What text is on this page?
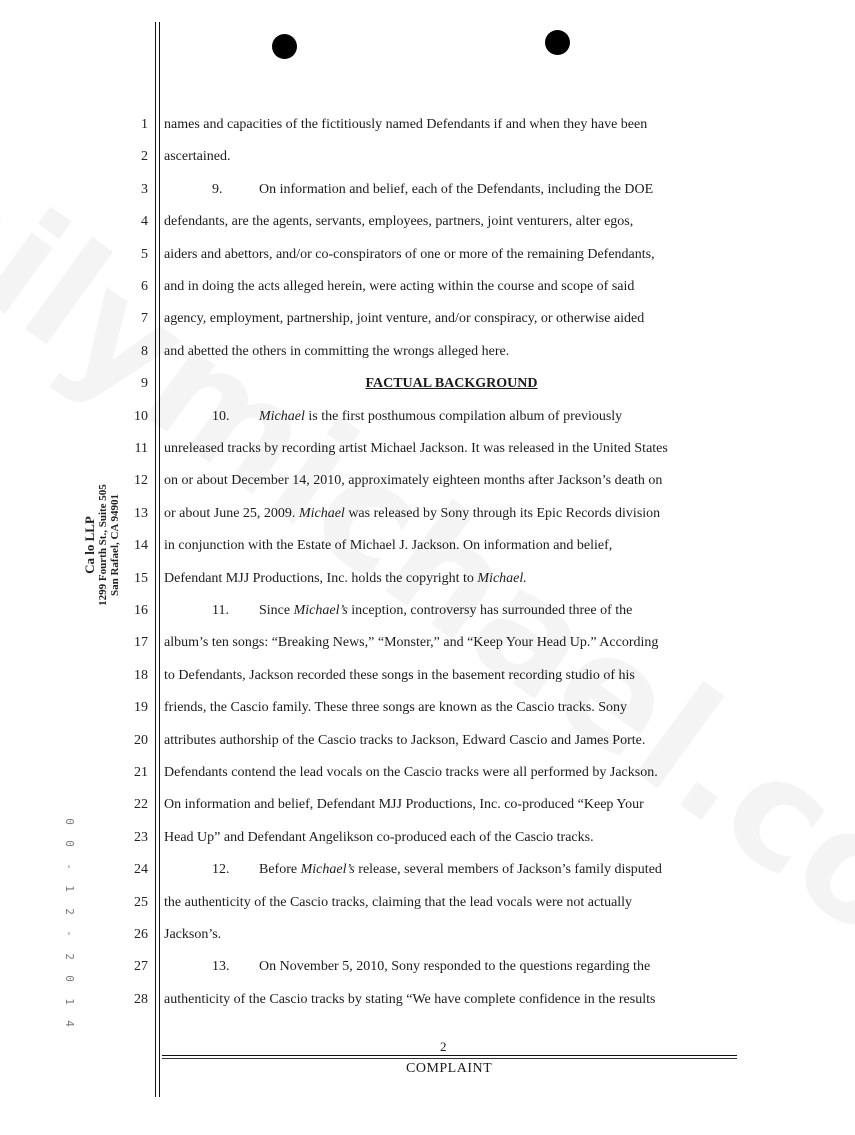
Ca lo LLP 1299 Fourth St., Suite 505 San Rafael, CA 94901
0
0
-
1
2
-
2
0
1
4
1
2
3
4
5
6
7
8
9
10
11
12
13
14
15
16
17
18
19
20
21
22
23
24
25
26
27
28
names and capacities of the fictitiously named Defendants if and when they have been
ascertained.
9.	On information and belief, each of the Defendants, including the DOE
defendants, are the agents, servants, employees, partners, joint venturers, alter egos,
aiders and abettors, and/or co-conspirators of one or more of the remaining Defendants,
and in doing the acts alleged herein, were acting within the course and scope of said
agency, employment, partnership, joint venture, and/or conspiracy, or otherwise aided
and abetted the others in committing the wrongs alleged here.
FACTUAL BACKGROUND
10. Michael is the first posthumous compilation album of previously
unreleased tracks by recording artist Michael Jackson. It was released in the United States
on or about December 14, 2010, approximately eighteen months after Jackson’s death on
or about June 25, 2009. Michael was released by Sony through its Epic Records division
in conjunction with the Estate of Michael J. Jackson. On information and belief,
Defendant MJJ Productions, Inc. holds the copyright to Michael.
11. Since Michael’s inception, controversy has surrounded three of the
album’s ten songs: “Breaking News,” “Monster,” and “Keep Your Head Up.” According
to Defendants, Jackson recorded these songs in the basement recording studio of his
friends, the Cascio family. These three songs are known as the Cascio tracks. Sony
attributes authorship of the Cascio tracks to Jackson, Edward Cascio and James Porte.
Defendants contend the lead vocals on the Cascio tracks were all performed by Jackson.
On information and belief, Defendant MJJ Productions, Inc. co-produced “Keep Your
Head Up” and Defendant Angelikson co-produced each of the Cascio tracks.
12. Before Michael’s release, several members of Jackson’s family disputed
the authenticity of the Cascio tracks, claiming that the lead vocals were not actually
Jackson’s.
13. On November 5, 2010, Sony responded to the questions regarding the
authenticity of the Cascio tracks by stating “We have complete confidence in the results
2
COMPLAINT
